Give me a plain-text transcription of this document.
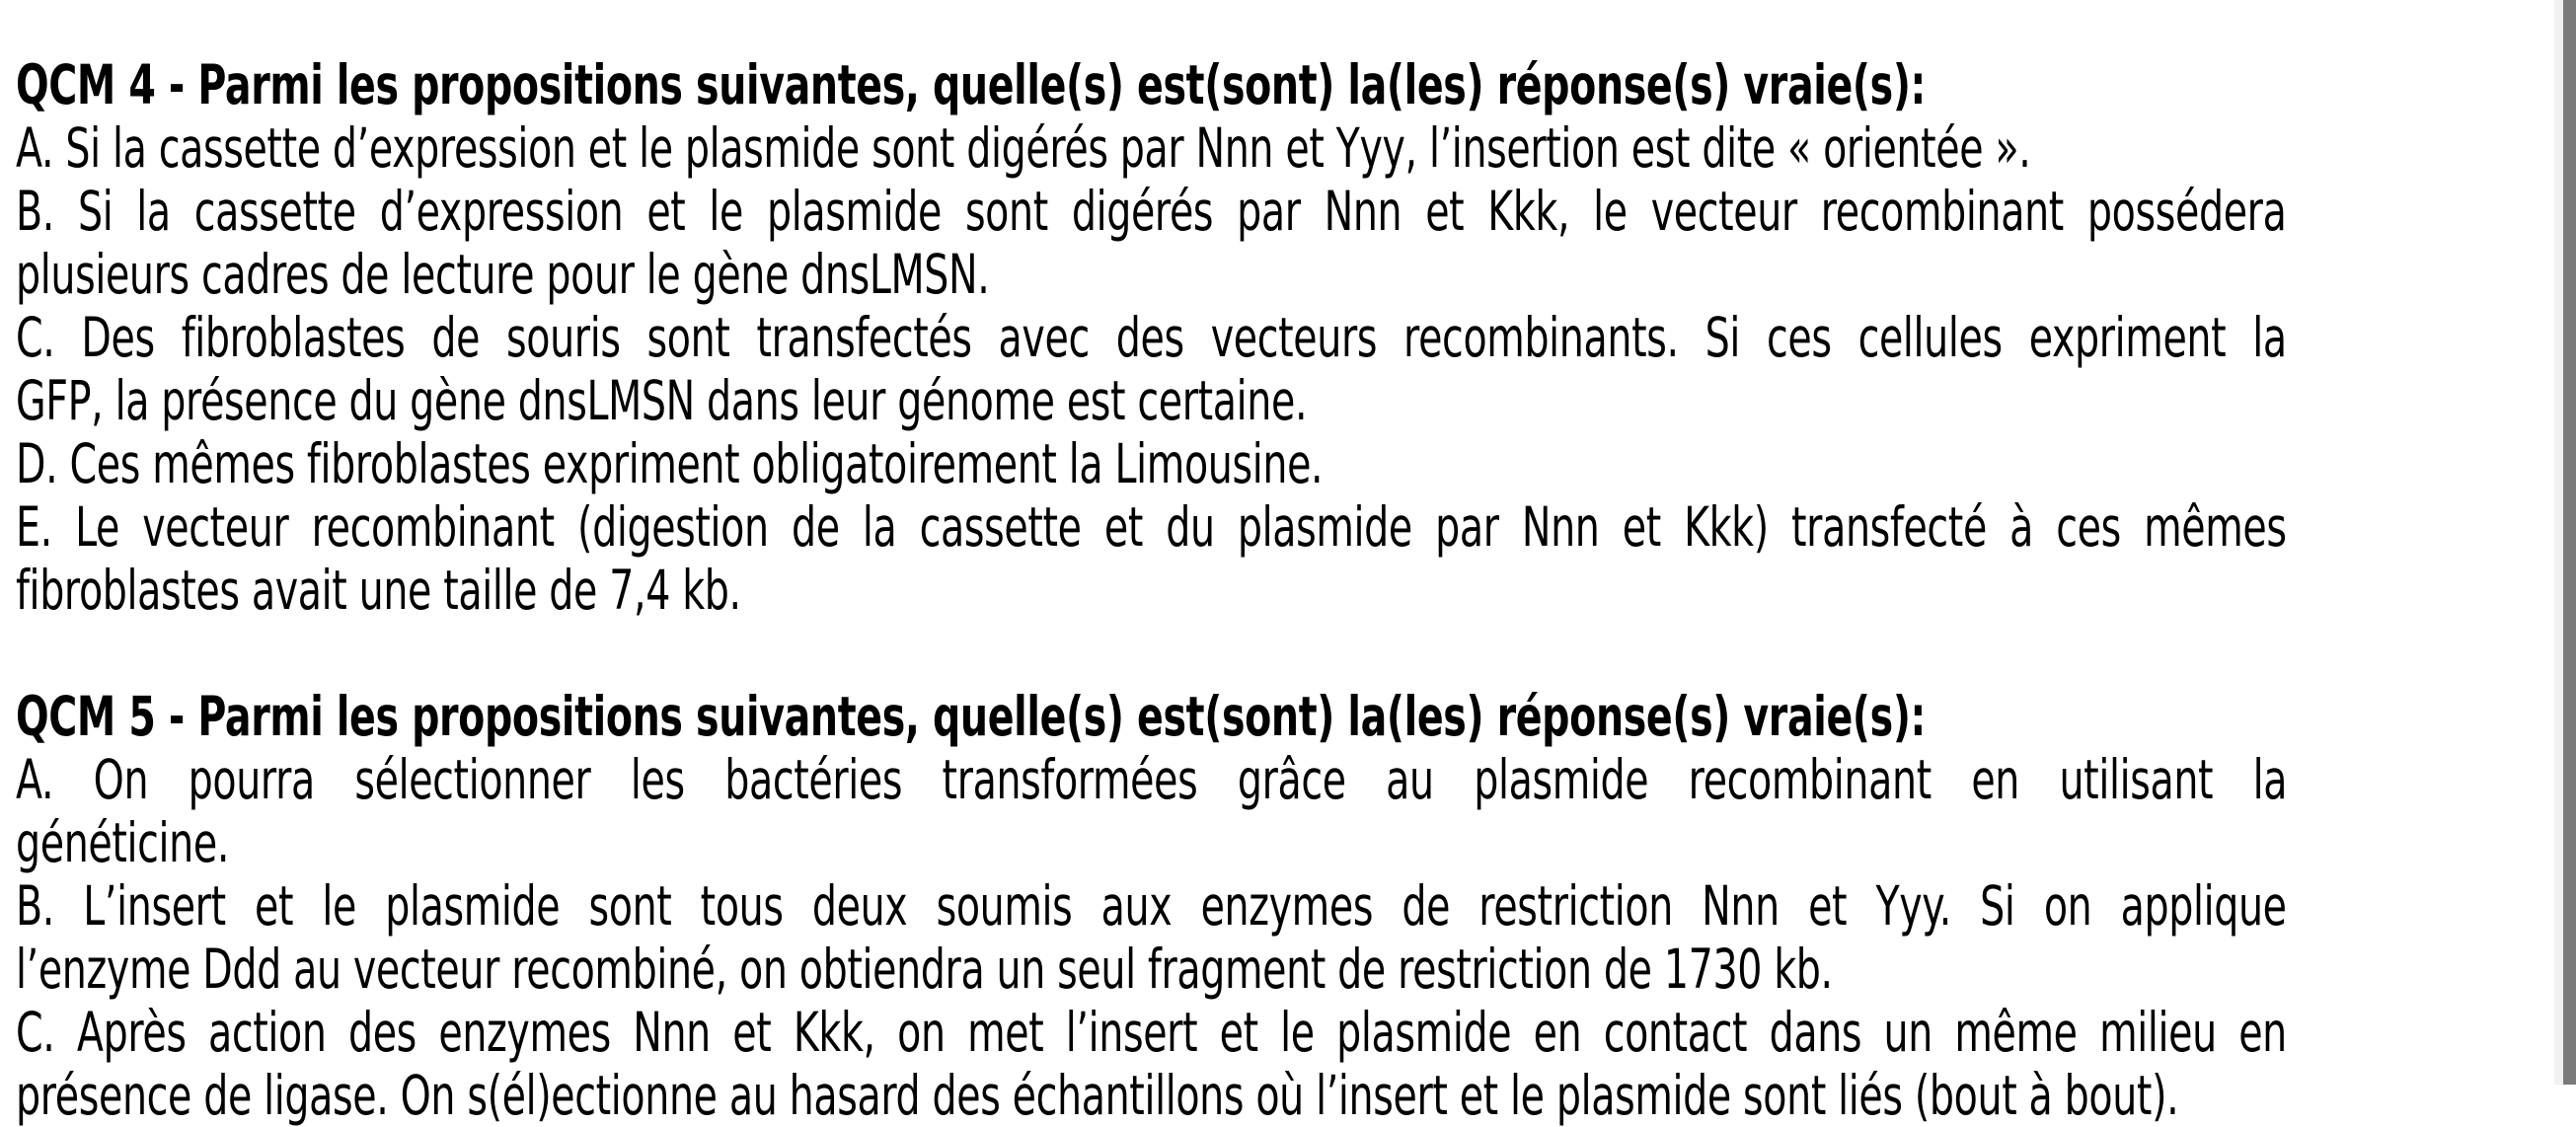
QCM 4 - Parmi les propositions suivantes, quelle(s) est(sont) la(les) réponse(s) vraie(s):
A. Si la cassette d’expression et le plasmide sont digérés par Nnn et Yyy, l’insertion est dite « orientée ».
B. Si la cassette d’expression et le plasmide sont digérés par Nnn et Kkk, le vecteur recombinant possédera
plusieurs cadres de lecture pour le gène dnsLMSN.
C. Des fibroblastes de souris sont transfectés avec des vecteurs recombinants. Si ces cellules expriment la
GFP, la présence du gène dnsLMSN dans leur génome est certaine.
D. Ces mêmes fibroblastes expriment obligatoirement la Limousine.
E. Le vecteur recombinant (digestion de la cassette et du plasmide par Nnn et Kkk) transfecté à ces mêmes
fibroblastes avait une taille de 7,4 kb.

QCM 5 - Parmi les propositions suivantes, quelle(s) est(sont) la(les) réponse(s) vraie(s):
A. On pourra sélectionner les bactéries transformées grâce au plasmide recombinant en utilisant la
généticine.
B. L’insert et le plasmide sont tous deux soumis aux enzymes de restriction Nnn et Yyy. Si on applique
l’enzyme Ddd au vecteur recombiné, on obtiendra un seul fragment de restriction de 1730 kb.
C. Après action des enzymes Nnn et Kkk, on met l’insert et le plasmide en contact dans un même milieu en
présence de ligase. On s(él)ectionne au hasard des échantillons où l’insert et le plasmide sont liés (bout à bout).
